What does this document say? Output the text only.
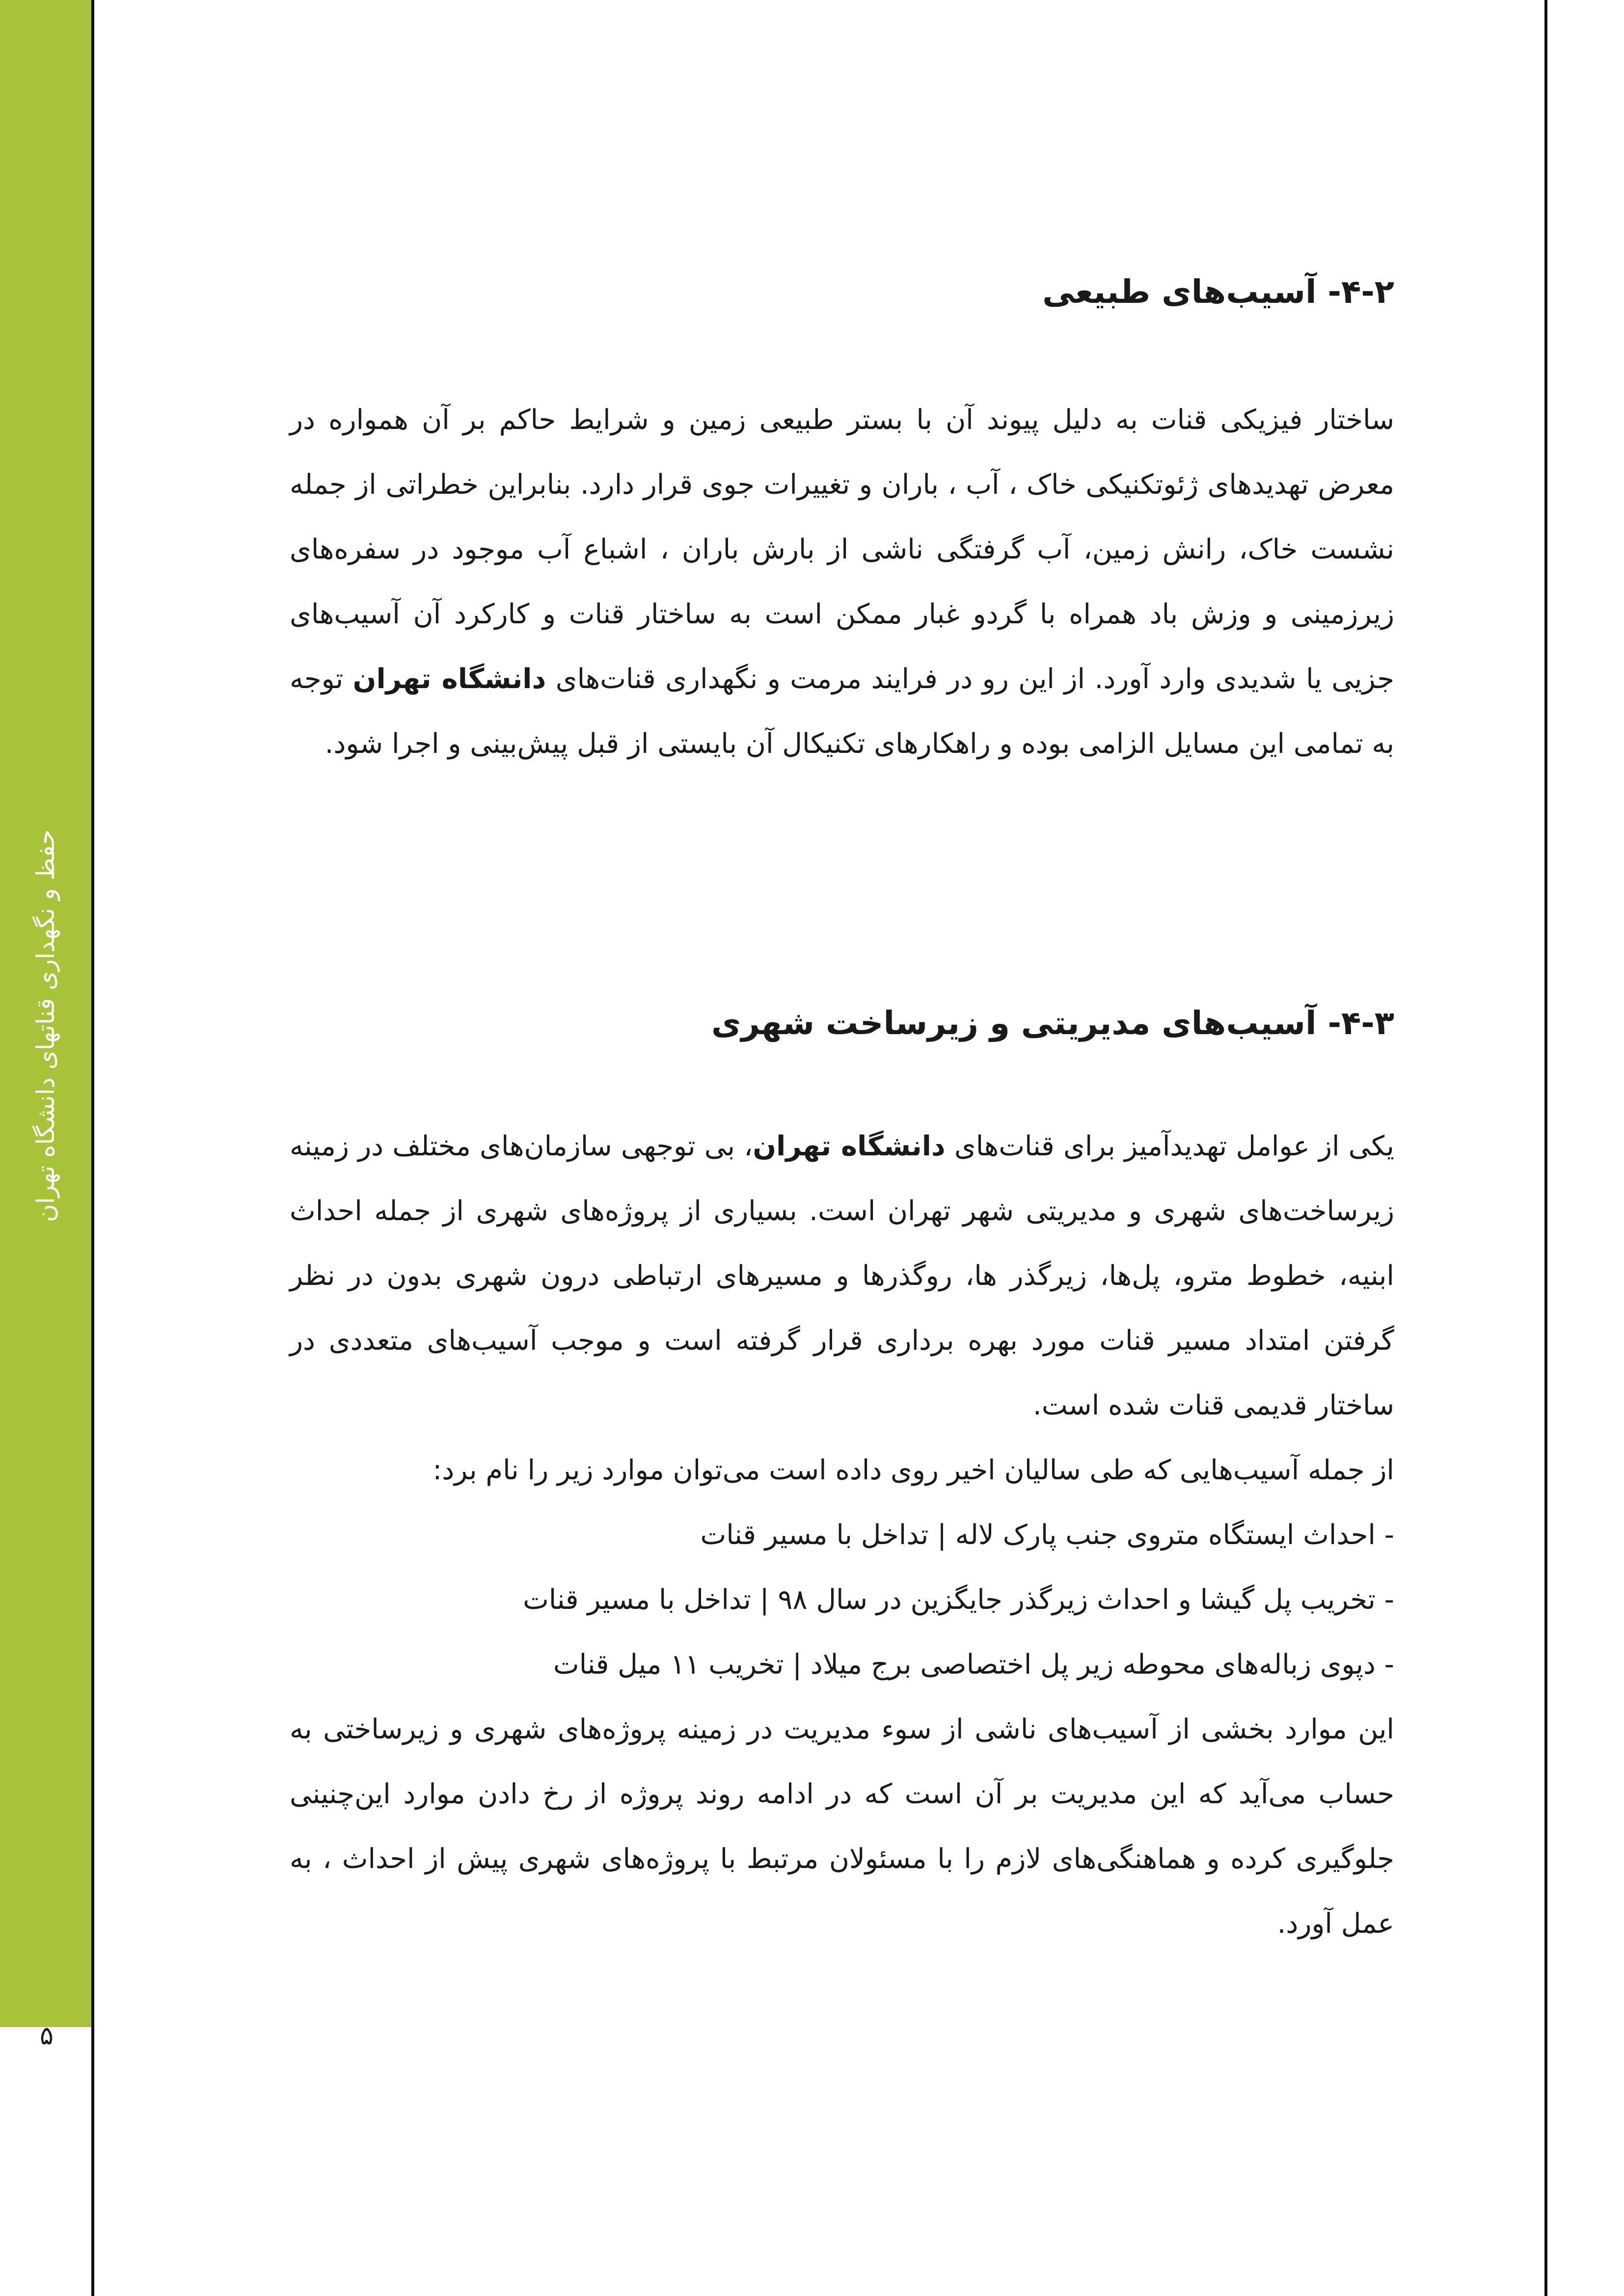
حفظ و نگهداری قناتهای دانشگاه تهران
۵
۴-۲- آسیب‌های طبیعی

ساختار فیزیکی قنات به دلیل پیوند آن با بستر طبیعی زمین و شرایط حاکم بر آن همواره در معرض تهدیدهای ژئوتکنیکی خاک ، آب ، باران و تغییرات جوی قرار دارد. بنابراین خطراتی از جمله نشست خاک، رانش زمین، آب گرفتگی ناشی از بارش باران ، اشباع آب موجود در سفره‌های زیرزمینی و وزش باد همراه با گردو غبار ممکن است به ساختار قنات و کارکرد آن آسیب‌های جزیی یا شدیدی وارد آورد. از این رو در فرایند مرمت و نگهداری قنات‌های دانشگاه تهران توجه به تمامی این مسایل الزامی بوده و راهکارهای تکنیکال آن بایستی از قبل پیش‌بینی و اجرا شود.

۴-۳- آسیب‌های مدیریتی و زیرساخت شهری

یکی از عوامل تهدیدآمیز برای قنات‌های دانشگاه تهران، بی توجهی سازمان‌های مختلف در زمینه زیرساخت‌های شهری و مدیریتی شهر تهران است. بسیاری از پروژه‌های شهری از جمله احداث ابنیه، خطوط مترو، پل‌ها، زیرگذر ها، روگذرها و مسیرهای ارتباطی درون شهری بدون در نظر گرفتن امتداد مسیر قنات مورد بهره برداری قرار گرفته است و موجب آسیب‌های متعددی در ساختار قدیمی قنات شده است.

از جمله آسیب‌هایی که طی سالیان اخیر روی داده است می‌توان موارد زیر را نام برد:

- احداث ایستگاه متروی جنب پارک لاله | تداخل با مسیر قنات

- تخریب پل گیشا و احداث زیرگذر جایگزین در سال ۹۸ | تداخل با مسیر قنات

- دپوی زباله‌های محوطه زیر پل اختصاصی برج میلاد | تخریب ۱۱ میل قنات

این موارد بخشی از آسیب‌های ناشی از سوء مدیریت در زمینه پروژه‌های شهری و زیرساختی به حساب می‌آید که این مدیریت بر آن است که در ادامه روند پروژه از رخ دادن موارد این‌چنینی جلوگیری کرده و هماهنگی‌های لازم را با مسئولان مرتبط با پروژه‌های شهری پیش از احداث ، به عمل آورد.
